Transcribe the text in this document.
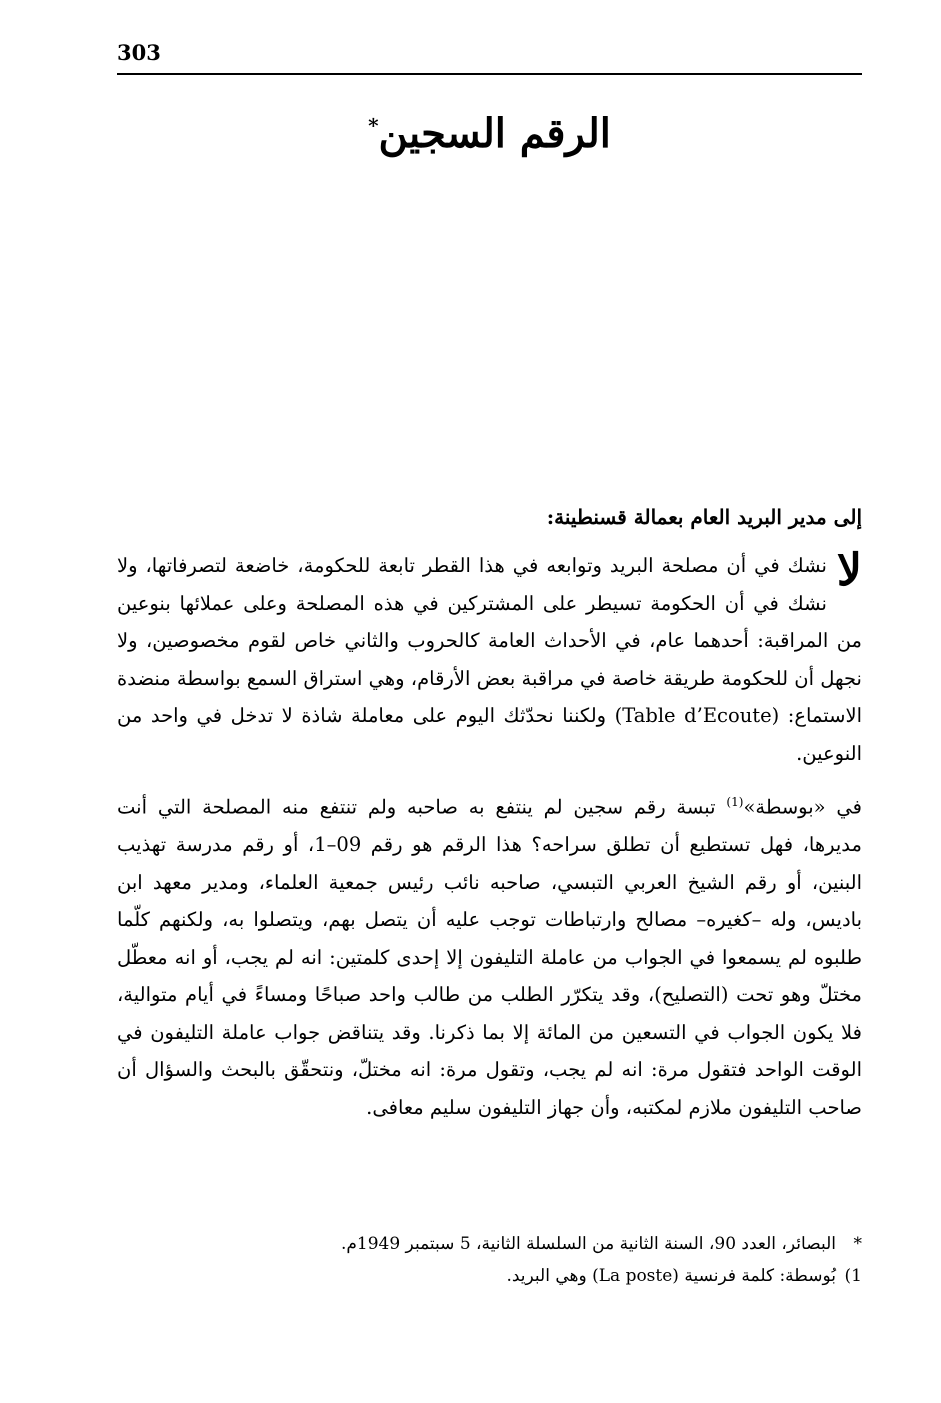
303
الرقم السجين*

إلى مدير البريد العام بعمالة قسنطينة:

لا
نشك في أن مصلحة البريد وتوابعه في هذا القطر تابعة للحكومة، خاضعة لتصرفاتها، ولا نشك في أن الحكومة تسيطر على المشتركين في هذه المصلحة وعلى عملائها بنوعين من المراقبة: أحدهما عام، في الأحداث العامة كالحروب والثاني خاص لقوم مخصوصين، ولا نجهل أن للحكومة طريقة خاصة في مراقبة بعض الأرقام، وهي استراق السمع بواسطة منضدة الاستماع: (Table d’Ecoute) ولكننا نحدّثك اليوم على معاملة شاذة لا تدخل في واحد من النوعين.

في «بوسطة»$^{(1)}$ تبسة رقم سجين لم ينتفع به صاحبه ولم تنتفع منه المصلحة التي أنت مديرها، فهل تستطيع أن تطلق سراحه؟ هذا الرقم هو رقم 09–1، أو رقم مدرسة تهذيب البنين، أو رقم الشيخ العربي التبسي، صاحبه نائب رئيس جمعية العلماء، ومدير معهد ابن باديس، وله –كغيره– مصالح وارتباطات توجب عليه أن يتصل بهم، ويتصلوا به، ولكنهم كلّما طلبوه لم يسمعوا في الجواب من عاملة التليفون إلا إحدى كلمتين: انه لم يجب، أو انه معطّل مختلّ وهو تحت (التصليح)، وقد يتكرّر الطلب من طالب واحد صباحًا ومساءً في أيام متوالية، فلا يكون الجواب في التسعين من المائة إلا بما ذكرنا. وقد يتناقض جواب عاملة التليفون في الوقت الواحد فتقول مرة: انه لم يجب، وتقول مرة: انه مختلّ، ونتحقّق بالبحث والسؤال أن صاحب التليفون ملازم لمكتبه، وأن جهاز التليفون سليم معافى.

*
البصائر، العدد 90، السنة الثانية من السلسلة الثانية، 5 سبتمبر 1949م.
1)
بُوسطة: كلمة فرنسية (La poste) وهي البريد.
